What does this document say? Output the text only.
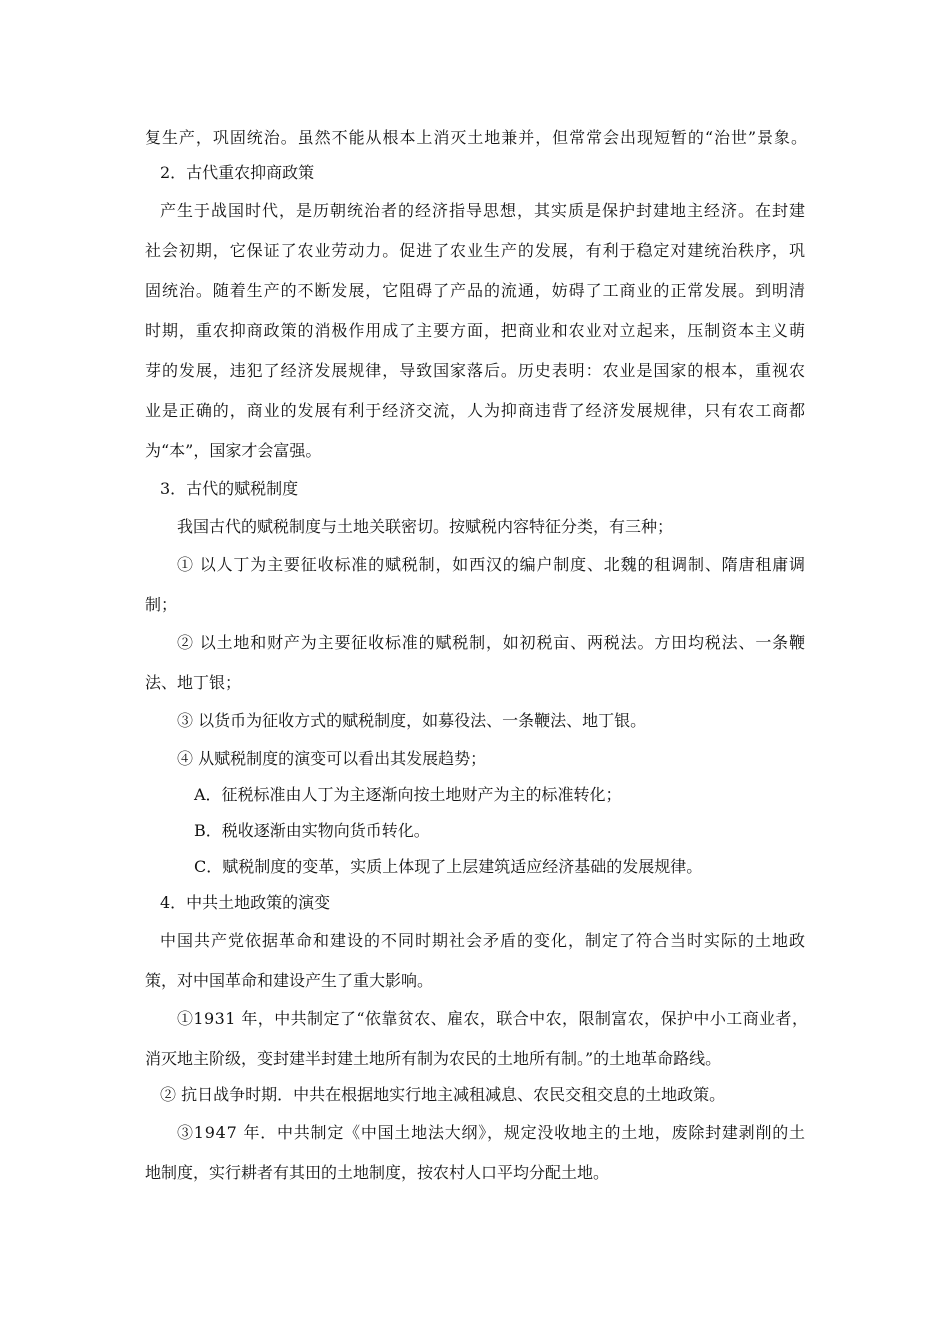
复生产，巩固统治。虽然不能从根本上消灭土地兼并，但常常会出现短暂的“治世”景象。
2．古代重农抑商政策
产生于战国时代，是历朝统治者的经济指导思想，其实质是保护封建地主经济。在封建
社会初期，它保证了农业劳动力。促进了农业生产的发展，有利于稳定对建统治秩序，巩
固统治。随着生产的不断发展，它阻碍了产品的流通，妨碍了工商业的正常发展。到明清
时期，重农抑商政策的消极作用成了主要方面，把商业和农业对立起来，压制资本主义萌
芽的发展，违犯了经济发展规律，导致国家落后。历史表明：农业是国家的根本，重视农
业是正确的，商业的发展有利于经济交流，人为抑商违背了经济发展规律，只有农工商都
为“本”，国家才会富强。
3．古代的赋税制度
我国古代的赋税制度与土地关联密切。按赋税内容特征分类，有三种；
① 以人丁为主要征收标准的赋税制，如西汉的编户制度、北魏的租调制、隋唐租庸调
制；
② 以土地和财产为主要征收标准的赋税制，如初税亩、两税法。方田均税法、一条鞭
法、地丁银；
③ 以货币为征收方式的赋税制度，如募役法、一条鞭法、地丁银。
④ 从赋税制度的演变可以看出其发展趋势；
A．征税标准由人丁为主逐渐向按土地财产为主的标准转化；
B．税收逐渐由实物向货币转化。
C．赋税制度的变革，实质上体现了上层建筑适应经济基础的发展规律。
4．中共土地政策的演变
中国共产党依据革命和建设的不同时期社会矛盾的变化，制定了符合当时实际的土地政
策，对中国革命和建设产生了重大影响。
①1931 年，中共制定了“依靠贫农、雇农，联合中农，限制富农，保护中小工商业者，
消灭地主阶级，变封建半封建土地所有制为农民的土地所有制。”的土地革命路线。
② 抗日战争时期．中共在根据地实行地主减租减息、农民交租交息的土地政策。
③1947 年．中共制定《中国土地法大纲》，规定没收地主的土地，废除封建剥削的土
地制度，实行耕者有其田的土地制度，按农村人口平均分配土地。
